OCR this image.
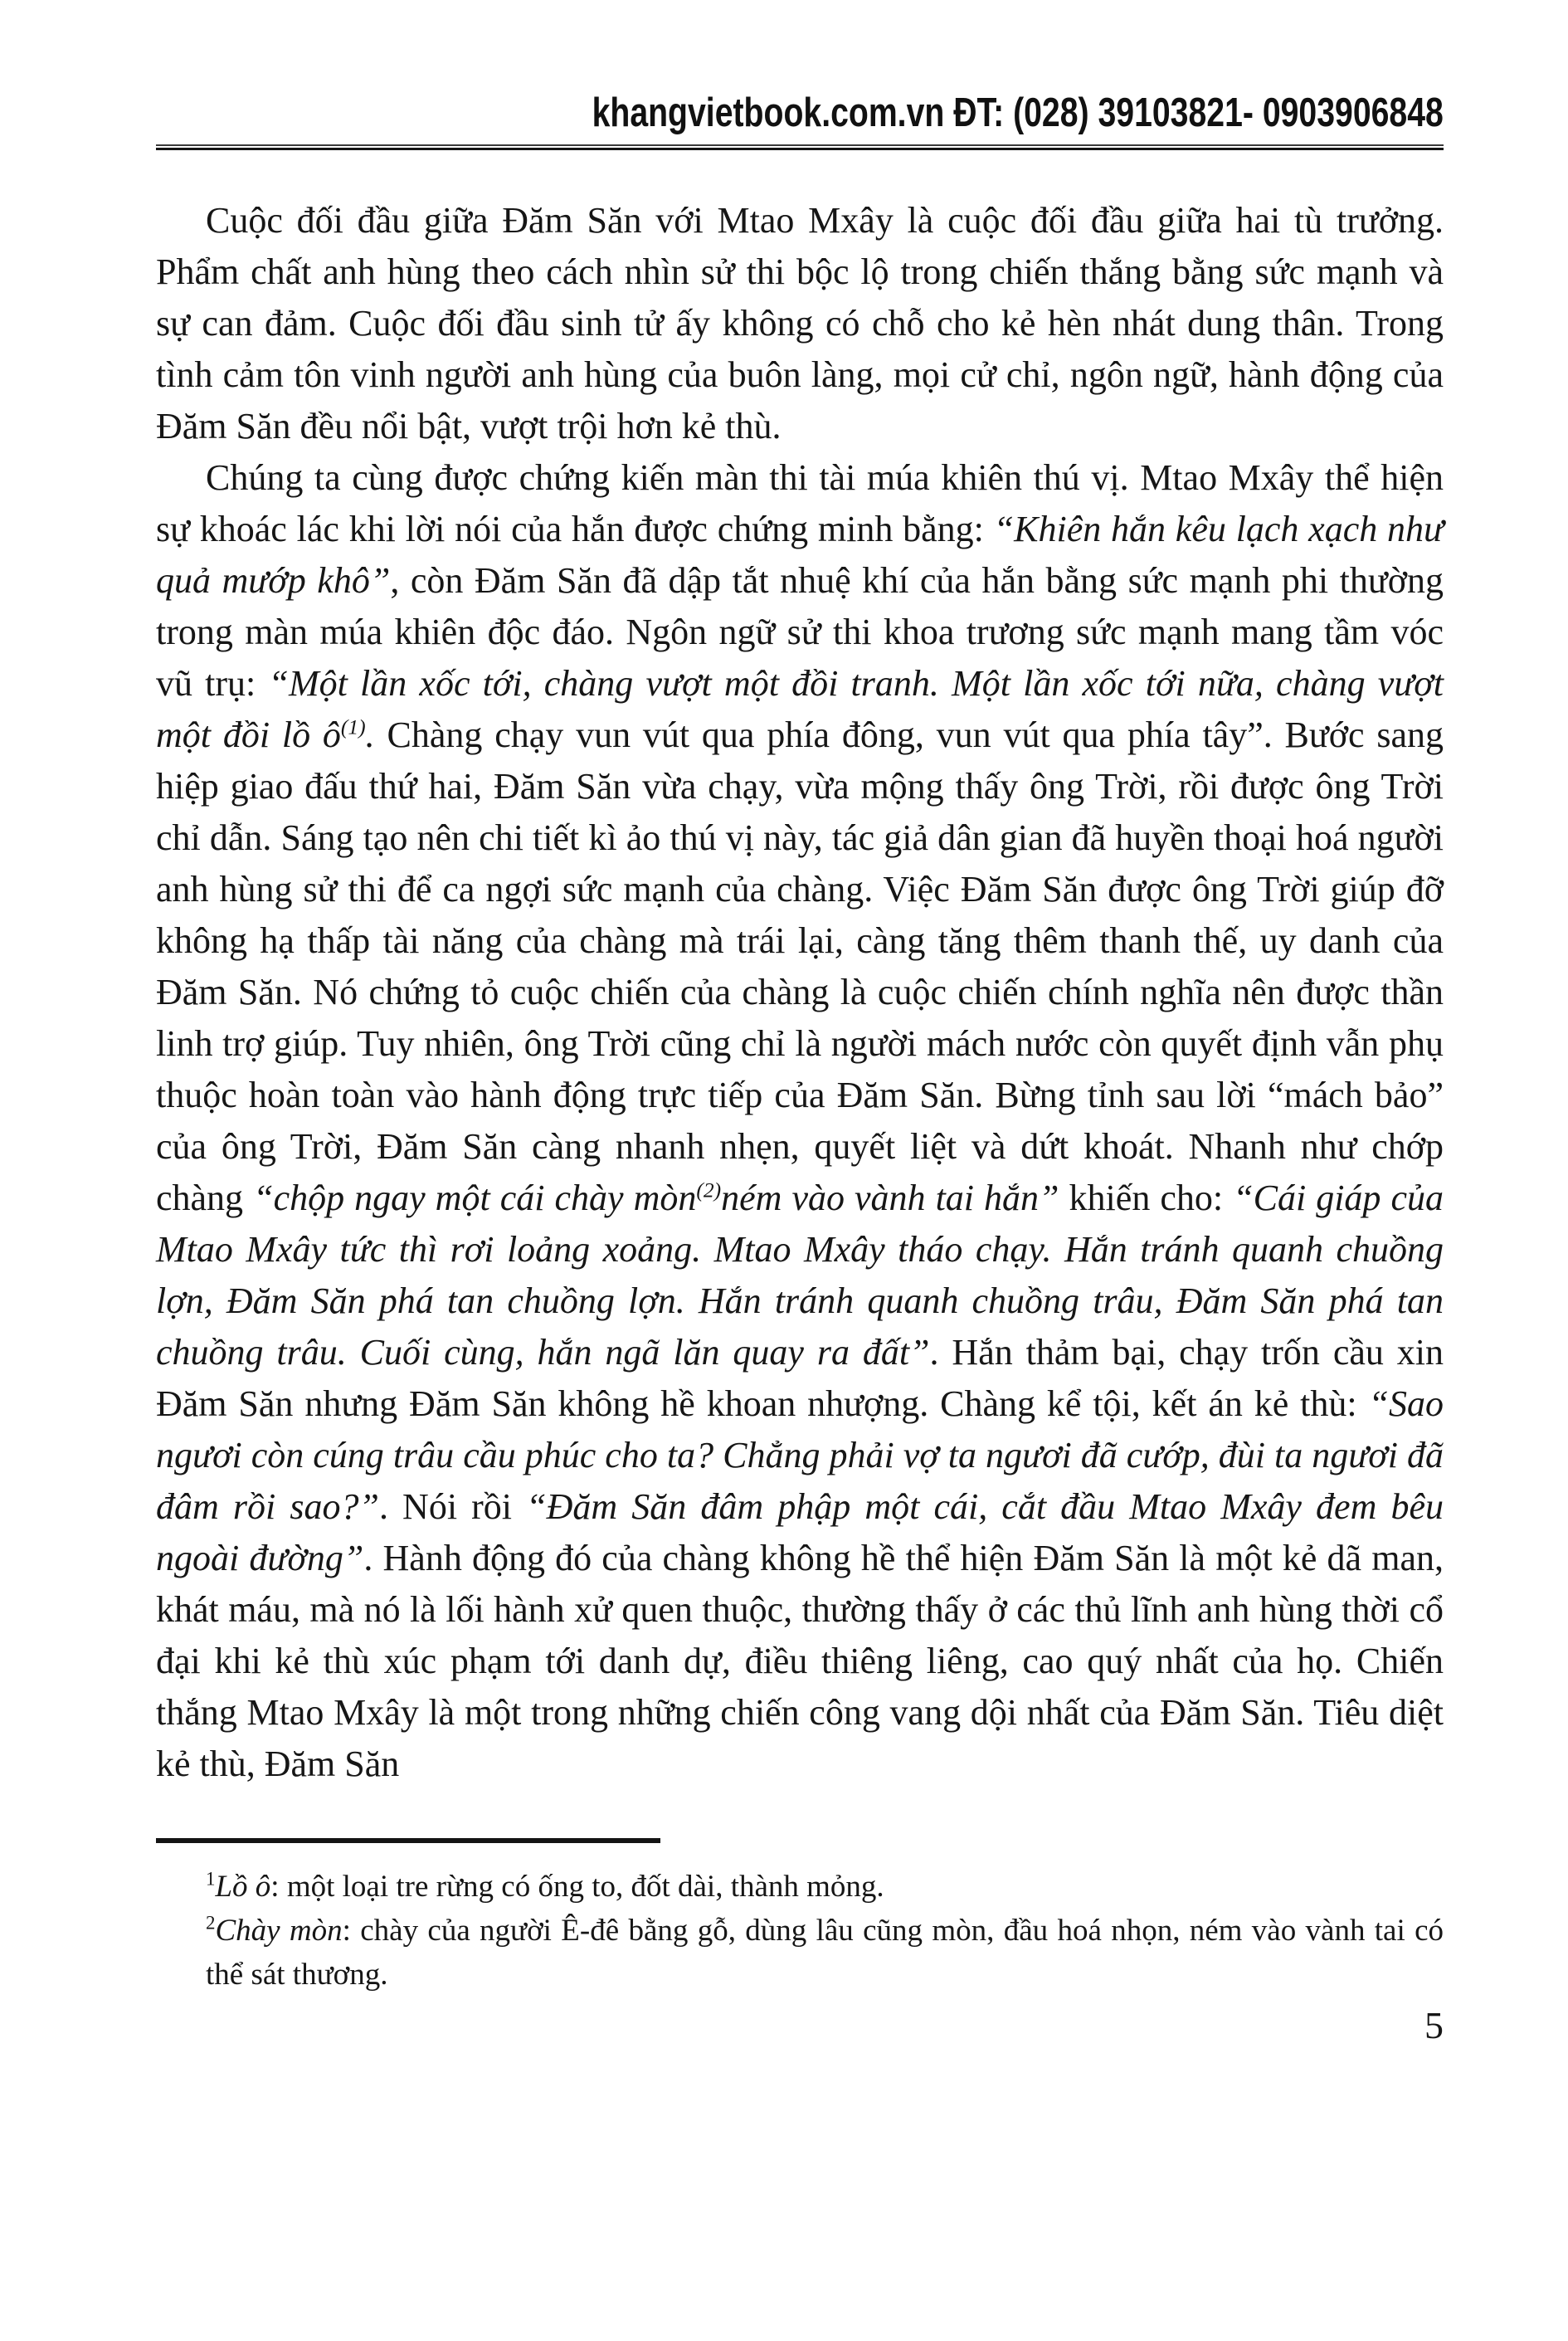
khangvietbook.com.vn ĐT: (028) 39103821- 0903906848

Cuộc đối đầu giữa Đăm Săn với Mtao Mxây là cuộc đối đầu giữa hai tù trưởng. Phẩm chất anh hùng theo cách nhìn sử thi bộc lộ trong chiến thắng bằng sức mạnh và sự can đảm. Cuộc đối đầu sinh tử ấy không có chỗ cho kẻ hèn nhát dung thân. Trong tình cảm tôn vinh người anh hùng của buôn làng, mọi cử chỉ, ngôn ngữ, hành động của Đăm Săn đều nổi bật, vượt trội hơn kẻ thù.

Chúng ta cùng được chứng kiến màn thi tài múa khiên thú vị. Mtao Mxây thể hiện sự khoác lác khi lời nói của hắn được chứng minh bằng: “Khiên hắn kêu lạch xạch như quả mướp khô”, còn Đăm Săn đã dập tắt nhuệ khí của hắn bằng sức mạnh phi thường trong màn múa khiên độc đáo. Ngôn ngữ sử thi khoa trương sức mạnh mang tầm vóc vũ trụ: “Một lần xốc tới, chàng vượt một đồi tranh. Một lần xốc tới nữa, chàng vượt một đồi lồ ô$^{(1)}$. Chàng chạy vun vút qua phía đông, vun vút qua phía tây”. Bước sang hiệp giao đấu thứ hai, Đăm Săn vừa chạy, vừa mộng thấy ông Trời, rồi được ông Trời chỉ dẫn. Sáng tạo nên chi tiết kì ảo thú vị này, tác giả dân gian đã huyền thoại hoá người anh hùng sử thi để ca ngợi sức mạnh của chàng. Việc Đăm Săn được ông Trời giúp đỡ không hạ thấp tài năng của chàng mà trái lại, càng tăng thêm thanh thế, uy danh của Đăm Săn. Nó chứng tỏ cuộc chiến của chàng là cuộc chiến chính nghĩa nên được thần linh trợ giúp. Tuy nhiên, ông Trời cũng chỉ là người mách nước còn quyết định vẫn phụ thuộc hoàn toàn vào hành động trực tiếp của Đăm Săn. Bừng tỉnh sau lời “mách bảo” của ông Trời, Đăm Săn càng nhanh nhẹn, quyết liệt và dứt khoát. Nhanh như chớp chàng “chộp ngay một cái chày mòn$^{(2)}$ném vào vành tai hắn” khiến cho: “Cái giáp của Mtao Mxây tức thì rơi loảng xoảng. Mtao Mxây tháo chạy. Hắn tránh quanh chuồng lợn, Đăm Săn phá tan chuồng lợn. Hắn tránh quanh chuồng trâu, Đăm Săn phá tan chuồng trâu. Cuối cùng, hắn ngã lăn quay ra đất”. Hắn thảm bại, chạy trốn cầu xin Đăm Săn nhưng Đăm Săn không hề khoan nhượng. Chàng kể tội, kết án kẻ thù: “Sao ngươi còn cúng trâu cầu phúc cho ta? Chẳng phải vợ ta ngươi đã cướp, đùi ta ngươi đã đâm rồi sao?”. Nói rồi “Đăm Săn đâm phập một cái, cắt đầu Mtao Mxây đem bêu ngoài đường”. Hành động đó của chàng không hề thể hiện Đăm Săn là một kẻ dã man, khát máu, mà nó là lối hành xử quen thuộc, thường thấy ở các thủ lĩnh anh hùng thời cổ đại khi kẻ thù xúc phạm tới danh dự, điều thiêng liêng, cao quý nhất của họ. Chiến thắng Mtao Mxây là một trong những chiến công vang dội nhất của Đăm Săn. Tiêu diệt kẻ thù, Đăm Săn

$^1$Lồ ô: một loại tre rừng có ống to, đốt dài, thành mỏng.

$^2$Chày mòn: chày của người Ê-đê bằng gỗ, dùng lâu cũng mòn, đầu hoá nhọn, ném vào vành tai có thể sát thương.

5
